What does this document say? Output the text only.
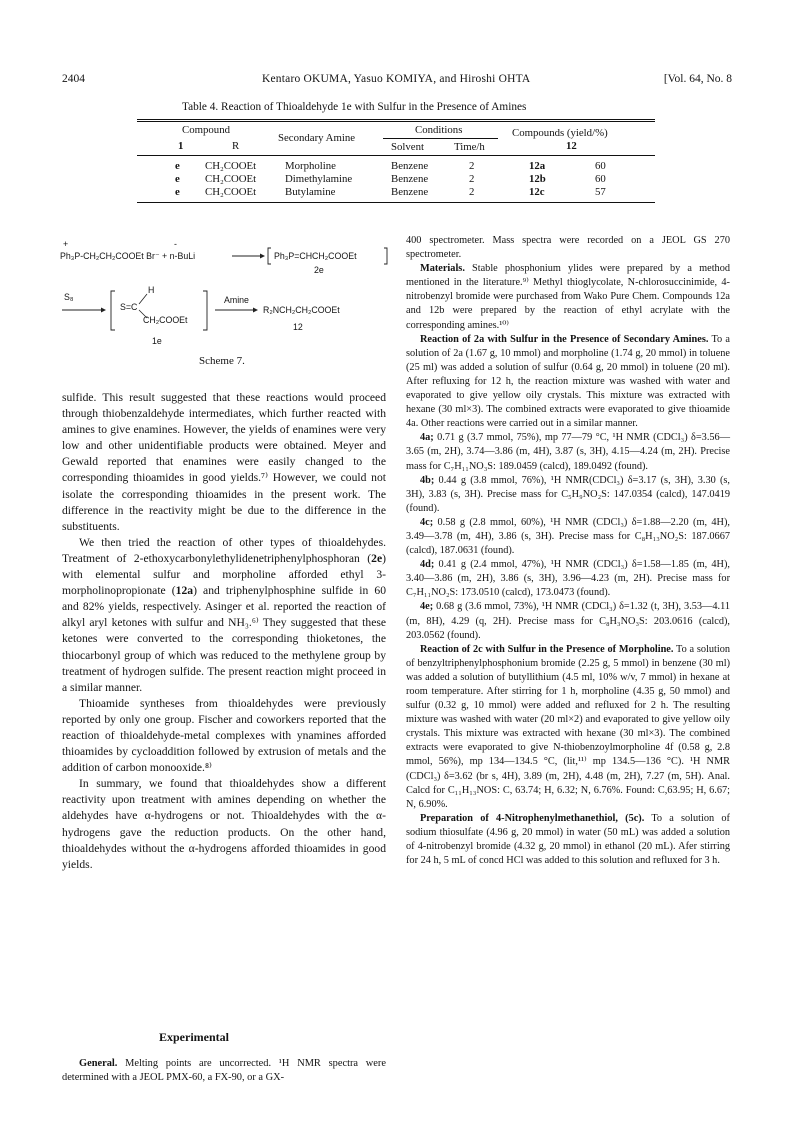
2404	Kentaro OKUMA, Yasuo KOMIYA, and Hiroshi OHTA	[Vol. 64, No. 8
Table 4. Reaction of Thioaldehyde 1e with Sulfur in the Presence of Amines
Compound
1	R
Secondary Amine
Conditions
Solvent	Time/h
Compounds (yield/%)
12
e CH₂COOEt	Morpholine	Benzene	2	12a	60
e CH₂COOEt	Dimethylamine	Benzene	2	12b	60
e CH₂COOEt	Butylamine	Benzene	2	12c	57
+	-
Ph₃P-CH₂CH₂COOEt Br⁻ + n-BuLi	Ph₃P=CHCH₂COOEt
2e
S₈
H
S=C
CH₂COOEt
1e
Amine
R₂NCH₂CH₂COOEt
12
Scheme 7.

sulfide. This result suggested that these reactions would proceed through thiobenzaldehyde intermediates, which further reacted with amines to give enamines. However, the yields of enamines were very low and other unidentifiable products were obtained. Meyer and Gewald reported that enamines were easily changed to the corresponding thioamides in good yields.⁷⁾ However, we could not isolate the corresponding thioamides in the present work. The difference in the reactivity might be due to the difference in the substituents.

We then tried the reaction of other types of thioaldehydes. Treatment of 2-ethoxycarbonylethylidenetriphenylphosphoran (2e) with elemental sulfur and morpholine afforded ethyl 3- morpholinopropionate (12a) and triphenylphosphine sulfide in 60 and 82% yields, respectively. Asinger et al. reported the reaction of alkyl aryl ketones with sulfur and NH₃.⁶⁾ They suggested that these ketones were converted to the corresponding thioketones, the thiocarbonyl group of which was reduced to the methylene group by treatment of hydrogen sulfide. The present reaction might proceed in a similar manner.

Thioamide syntheses from thioaldehydes were previously reported by only one group. Fischer and coworkers reported that the reaction of thioaldehyde-metal complexes with ynamines afforded thioamides by cycloaddition followed by extrusion of metals and the addition of carbon monooxide.⁸⁾

In summary, we found that thioaldehydes show a different reactivity upon treatment with amines depending on whether the aldehydes have α-hydrogens or not. Thioaldehydes with the α-hydrogens gave the reduction products. On the other hand, thioaldehydes without the α-hydrogens afforded thioamides in good yields.

Experimental

General. Melting points are uncorrected. ¹H NMR spectra were determined with a JEOL PMX-60, a FX-90, or a GX-

400 spectrometer. Mass spectra were recorded on a JEOL GS 270 spectrometer.

Materials. Stable phosphonium ylides were prepared by a method mentioned in the literature.⁹⁾ Methyl thioglycolate, N-chlorosuccinimide, 4-nitrobenzyl bromide were purchased from Wako Pure Chem. Compounds 12a and 12b were prepared by the reaction of ethyl acrylate with the corresponding amines.¹⁰⁾

Reaction of 2a with Sulfur in the Presence of Secondary Amines. To a solution of 2a (1.67 g, 10 mmol) and morpholine (1.74 g, 20 mmol) in toluene (25 ml) was added a solution of sulfur (0.64 g, 20 mmol) in toluene (20 ml). After refluxing for 12 h, the reaction mixture was washed with water and evaporated to give yellow oily crystals. This mixture was extracted with hexane (30 ml×3). The combined extracts were evaporated to give thioamide 4a. Other reactions were carried out in a similar manner.

4a; 0.71 g (3.7 mmol, 75%), mp 77—79 °C, ¹H NMR (CDCl₃) δ=3.56—3.65 (m, 2H), 3.74—3.86 (m, 4H), 3.87 (s, 3H), 4.15—4.24 (m, 2H). Precise mass for C₇H₁₁NO₃S: 189.0459 (calcd), 189.0492 (found).

4b; 0.44 g (3.8 mmol, 76%), ¹H NMR(CDCl₃) δ=3.17 (s, 3H), 3.30 (s, 3H), 3.83 (s, 3H). Precise mass for C₅H₉NO₂S: 147.0354 (calcd), 147.0419 (found).

4c; 0.58 g (2.8 mmol, 60%), ¹H NMR (CDCl₃) δ=1.88—2.20 (m, 4H), 3.49—3.78 (m, 4H), 3.86 (s, 3H). Precise mass for C₈H₁₃NO₂S: 187.0667 (calcd), 187.0631 (found).

4d; 0.41 g (2.4 mmol, 47%), ¹H NMR (CDCl₃) δ=1.58—1.85 (m, 4H), 3.40—3.86 (m, 2H), 3.86 (s, 3H), 3.96—4.23 (m, 2H). Precise mass for C₇H₁₁NO₂S: 173.0510 (calcd), 173.0473 (found).

4e; 0.68 g (3.6 mmol, 73%), ¹H NMR (CDCl₃) δ=1.32 (t, 3H), 3.53—4.11 (m, 8H), 4.29 (q, 2H). Precise mass for C₈H₃NO₃S: 203.0616 (calcd), 203.0562 (found).

Reaction of 2c with Sulfur in the Presence of Morpholine. To a solution of benzyltriphenylphosphonium bromide (2.25 g, 5 mmol) in benzene (30 ml) was added a solution of butyllithium (4.5 ml, 10% w/v, 7 mmol) in hexane at room temperature. After stirring for 1 h, morpholine (4.35 g, 50 mmol) and sulfur (0.32 g, 10 mmol) were added and refluxed for 2 h. The resulting mixture was washed with water (20 ml×2) and evaporated to give yellow oily crystals. This mixture was extracted with hexane (30 ml×3). The combined extracts were evaporated to give N-thiobenzoylmorpholine 4f (0.58 g, 2.8 mmol, 56%), mp 134—134.5 °C, (lit,¹¹⁾ mp 134.5—136 °C). ¹H NMR (CDCl₃) δ=3.62 (br s, 4H), 3.89 (m, 2H), 4.48 (m, 2H), 7.27 (m, 5H). Anal. Calcd for C₁₁H₁₃NOS: C, 63.74; H, 6.32; N, 6.76%. Found: C,63.95; H, 6.67; N, 6.90%.

Preparation of 4-Nitrophenylmethanethiol, (5c). To a solution of sodium thiosulfate (4.96 g, 20 mmol) in water (50 mL) was added a solution of 4-nitrobenzyl bromide (4.32 g, 20 mmol) in ethanol (20 mL). Afer stirring for 24 h, 5 mL of concd HCl was added to this solution and refluxed for 3 h.
